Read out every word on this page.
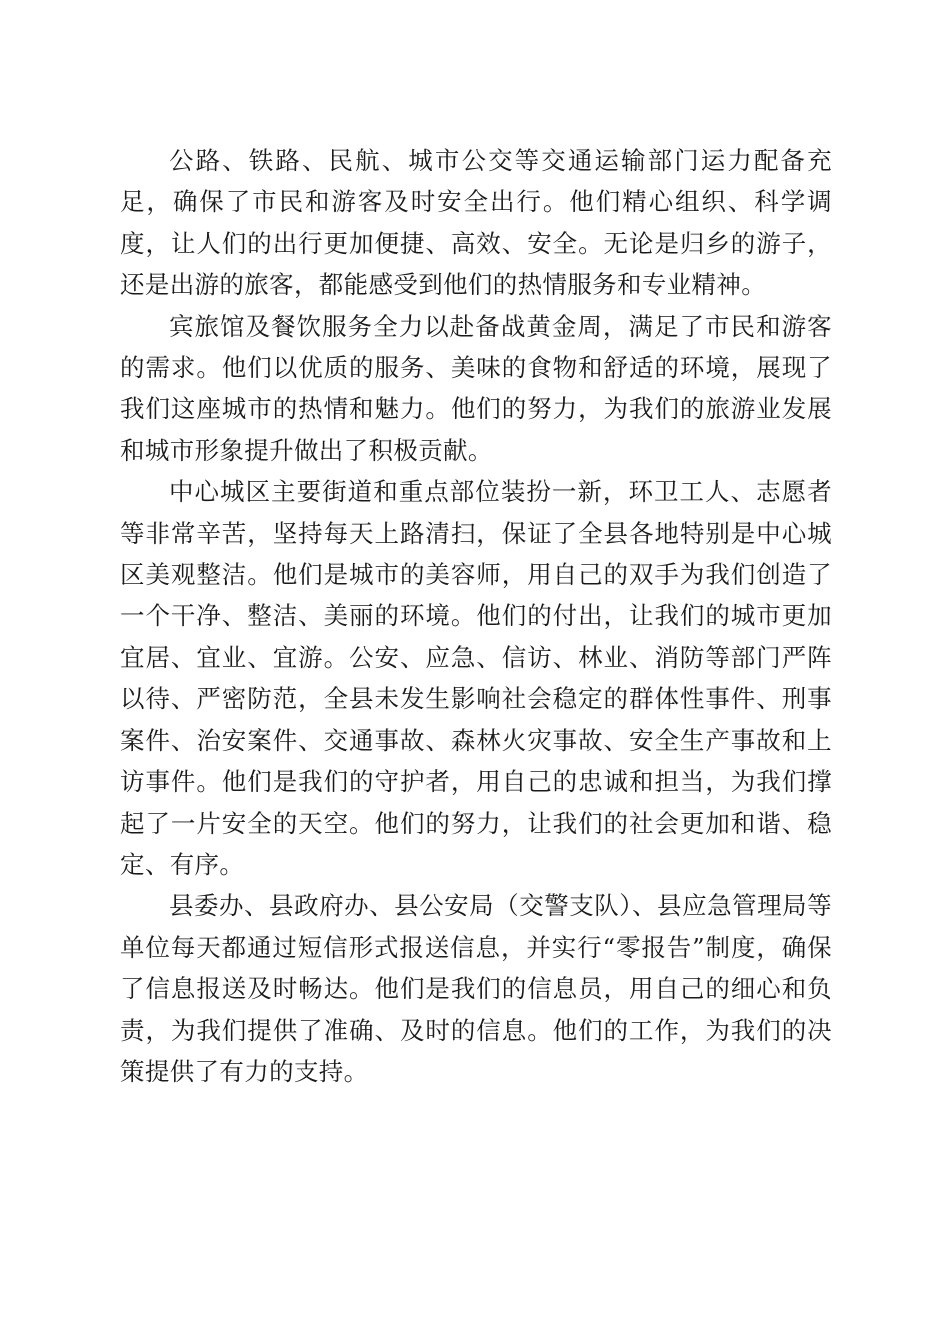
公路、铁路、民航、城市公交等交通运输部门运力配备充足，确保了市民和游客及时安全出行。他们精心组织、科学调度，让人们的出行更加便捷、高效、安全。无论是归乡的游子，还是出游的旅客，都能感受到他们的热情服务和专业精神。

宾旅馆及餐饮服务全力以赴备战黄金周，满足了市民和游客的需求。他们以优质的服务、美味的食物和舒适的环境，展现了我们这座城市的热情和魅力。他们的努力，为我们的旅游业发展和城市形象提升做出了积极贡献。

中心城区主要街道和重点部位装扮一新，环卫工人、志愿者等非常辛苦，坚持每天上路清扫，保证了全县各地特别是中心城区美观整洁。他们是城市的美容师，用自己的双手为我们创造了一个干净、整洁、美丽的环境。他们的付出，让我们的城市更加宜居、宜业、宜游。公安、应急、信访、林业、消防等部门严阵以待、严密防范，全县未发生影响社会稳定的群体性事件、刑事案件、治安案件、交通事故、森林火灾事故、安全生产事故和上访事件。他们是我们的守护者，用自己的忠诚和担当，为我们撑起了一片安全的天空。他们的努力，让我们的社会更加和谐、稳定、有序。

县委办、县政府办、县公安局（交警支队）、县应急管理局等单位每天都通过短信形式报送信息，并实行“零报告”制度，确保了信息报送及时畅达。他们是我们的信息员，用自己的细心和负责，为我们提供了准确、及时的信息。他们的工作，为我们的决策提供了有力的支持。
